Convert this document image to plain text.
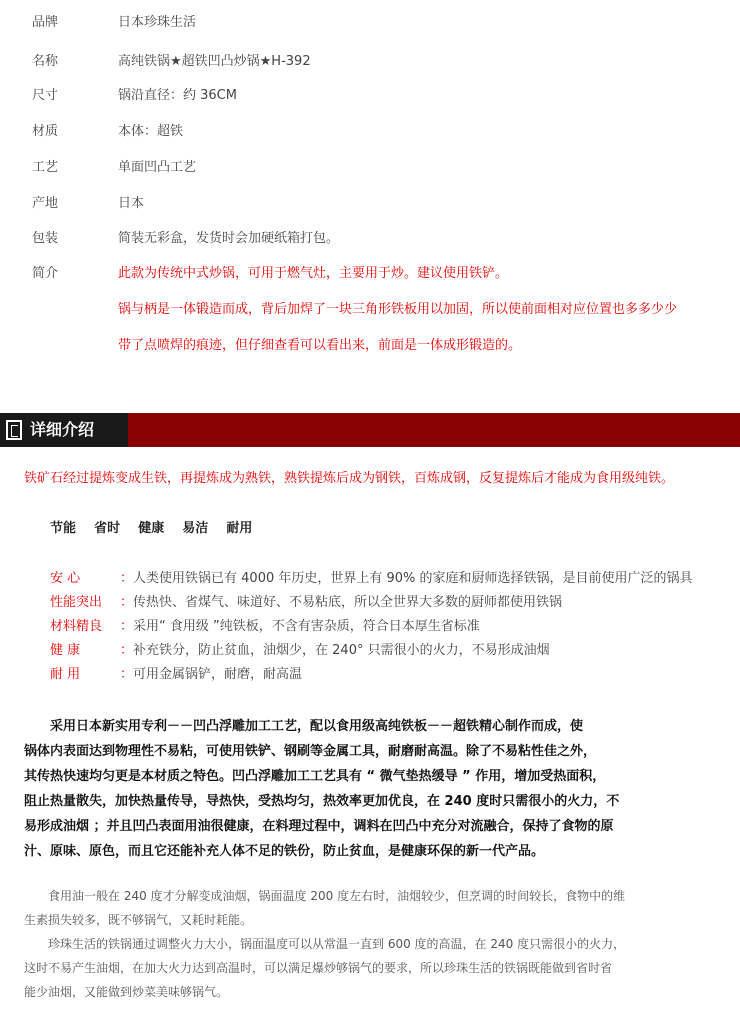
品牌	日本珍珠生活
名称	高纯铁锅★超铁凹凸炒锅★H-392
尺寸	锅沿直径：约 36CM
材质	本体：超铁
工艺	单面凹凸工艺
产地	日本
包装	简装无彩盒，发货时会加硬纸箱打包。
简介	此款为传统中式炒锅，可用于燃气灶，主要用于炒。建议使用铁铲。
锅与柄是一体锻造而成，背后加焊了一块三角形铁板用以加固，所以使前面相对应位置也多多少少
带了点喷焊的痕迹，但仔细查看可以看出来，前面是一体成形锻造的。
详细介绍
铁矿石经过提炼变成生铁，再提炼成为熟铁，熟铁提炼后成为钢铁，百炼成钢，反复提炼后才能成为食用级纯铁。
节能    省时    健康    易洁    耐用
安 心	：人类使用铁锅已有 4000 年历史，世界上有 90% 的家庭和厨师选择铁锅，是目前使用广泛的锅具
性能突出 ：传热快、省煤气、味道好、不易粘底，所以全世界大多数的厨师都使用铁锅
材料精良 ：采用“ 食用级 ”纯铁板，不含有害杂质，符合日本厚生省标准
健 康	：补充铁分，防止贫血，油烟少，在 240° 只需很小的火力，不易形成油烟
耐 用	：可用金属锅铲，耐磨，耐高温

　　采用日本新实用专利－－凹凸浮雕加工工艺，配以食用级高纯铁板－－超铁精心制作而成，使

锅体内表面达到物理性不易粘，可使用铁铲、钢刷等金属工具，耐磨耐高温。除了不易粘性佳之外，

其传热快速均匀更是本材质之特色。凹凸浮雕加工工艺具有 “ 微气垫热缓导 ” 作用，增加受热面积，

阻止热量散失，加快热量传导，导热快，受热均匀，热效率更加优良，在 240 度时只需很小的火力，不

易形成油烟 ；并且凹凸表面用油很健康，在料理过程中，调料在凹凸中充分对流融合，保持了食物的原

汁、原味、原色，而且它还能补充人体不足的铁份，防止贫血，是健康环保的新一代产品。

　　食用油一般在 240 度才分解变成油烟，锅面温度 200 度左右时，油烟较少，但烹调的时间较长，食物中的维

生素损失较多，既不够锅气，又耗时耗能。

　　珍珠生活的铁锅通过调整火力大小，锅面温度可以从常温一直到 600 度的高温，在 240 度只需很小的火力，

这时不易产生油烟，在加大火力达到高温时，可以满足爆炒够锅气的要求，所以珍珠生活的铁锅既能做到省时省

能少油烟，又能做到炒菜美味够锅气。
